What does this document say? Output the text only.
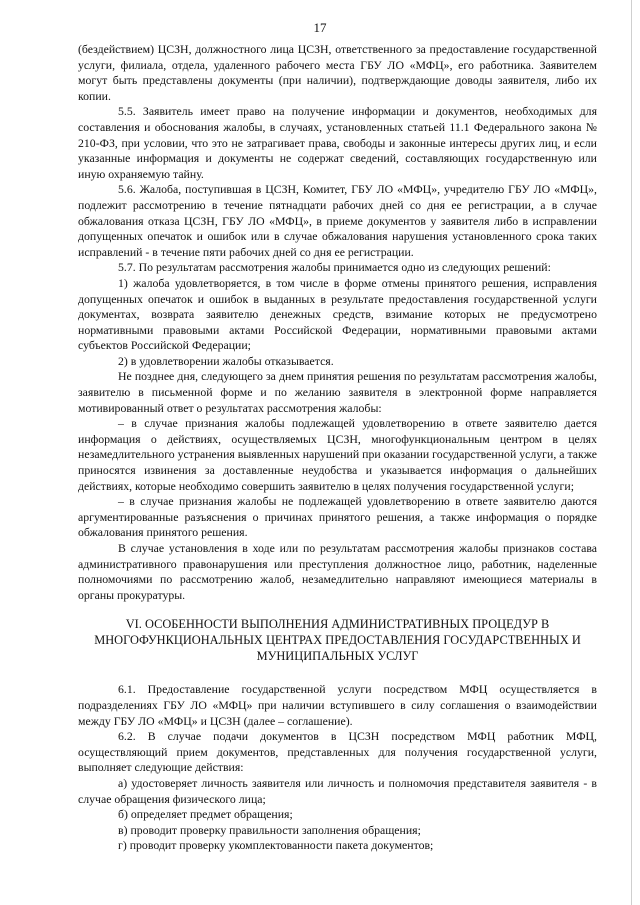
17

(бездействием) ЦСЗН, должностного лица ЦСЗН, ответственного за предоставление государственной услуги, филиала, отдела, удаленного рабочего места ГБУ ЛО «МФЦ», его работника. Заявителем могут быть представлены документы (при наличии), подтверждающие доводы заявителя, либо их копии.

5.5. Заявитель имеет право на получение информации и документов, необходимых для составления и обоснования жалобы, в случаях, установленных статьей 11.1 Федерального закона № 210-ФЗ, при условии, что это не затрагивает права, свободы и законные интересы других лиц, и если указанные информация и документы не содержат сведений, составляющих государственную или иную охраняемую тайну.

5.6. Жалоба, поступившая в ЦСЗН, Комитет, ГБУ ЛО «МФЦ», учредителю ГБУ ЛО «МФЦ», подлежит рассмотрению в течение пятнадцати рабочих дней со дня ее регистрации, а в случае обжалования отказа ЦСЗН, ГБУ ЛО «МФЦ», в приеме документов у заявителя либо в исправлении допущенных опечаток и ошибок или в случае обжалования нарушения установленного срока таких исправлений - в течение пяти рабочих дней со дня ее регистрации.

5.7. По результатам рассмотрения жалобы принимается одно из следующих решений:

1) жалоба удовлетворяется, в том числе в форме отмены принятого решения, исправления допущенных опечаток и ошибок в выданных в результате предоставления государственной услуги документах, возврата заявителю денежных средств, взимание которых не предусмотрено нормативными правовыми актами Российской Федерации, нормативными правовыми актами субъектов Российской Федерации;

2) в удовлетворении жалобы отказывается.

Не позднее дня, следующего за днем принятия решения по результатам рассмотрения жалобы, заявителю в письменной форме и по желанию заявителя в электронной форме направляется мотивированный ответ о результатах рассмотрения жалобы:

– в случае признания жалобы подлежащей удовлетворению в ответе заявителю дается информация о действиях, осуществляемых ЦСЗН, многофункциональным центром в целях незамедлительного устранения выявленных нарушений при оказании государственной услуги, а также приносятся извинения за доставленные неудобства и указывается информация о дальнейших действиях, которые необходимо совершить заявителю в целях получения государственной услуги;

– в случае признания жалобы не подлежащей удовлетворению в ответе заявителю даются аргументированные разъяснения о причинах принятого решения, а также информация о порядке обжалования принятого решения.

В случае установления в ходе или по результатам рассмотрения жалобы признаков состава административного правонарушения или преступления должностное лицо, работник, наделенные полномочиями по рассмотрению жалоб, незамедлительно направляют имеющиеся материалы в органы прокуратуры.

VI. ОСОБЕННОСТИ ВЫПОЛНЕНИЯ АДМИНИСТРАТИВНЫХ ПРОЦЕДУР В МНОГОФУНКЦИОНАЛЬНЫХ ЦЕНТРАХ ПРЕДОСТАВЛЕНИЯ ГОСУДАРСТВЕННЫХ И МУНИЦИПАЛЬНЫХ УСЛУГ

6.1. Предоставление государственной услуги посредством МФЦ осуществляется в подразделениях ГБУ ЛО «МФЦ» при наличии вступившего в силу соглашения о взаимодействии между ГБУ ЛО «МФЦ» и ЦСЗН (далее – соглашение).

6.2. В случае подачи документов в ЦСЗН посредством МФЦ работник МФЦ, осуществляющий прием документов, представленных для получения государственной услуги, выполняет следующие действия:

а) удостоверяет личность заявителя или личность и полномочия представителя заявителя - в случае обращения физического лица;

б) определяет предмет обращения;

в) проводит проверку правильности заполнения обращения;

г) проводит проверку укомплектованности пакета документов;
